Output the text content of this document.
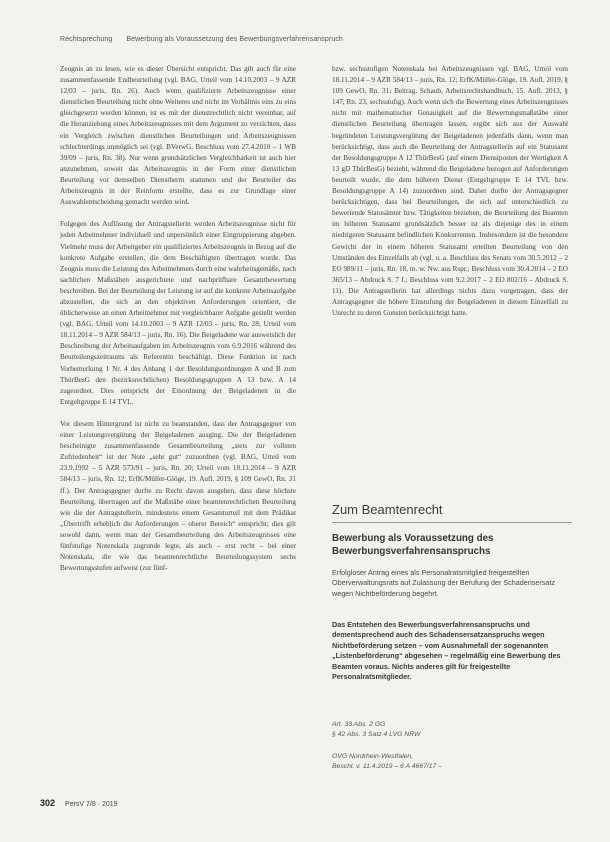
Rechtsprechung Bewerbung als Voraussetzung des Bewerbungsverfahrensanspruch
Zeugnis an zu lesen, wie es dieser Übersicht entspricht. Das gilt auch für eine zusammenfassende Endbeurteilung (vgl. BAG, Urteil vom 14.10.2003 – 9 AZR 12/03 – juris, Rn. 26). Auch wenn qualifizierte Arbeitszeugnisse einer dienstlichen Beurteilung nicht ohne Weiteres und nicht im Verhältnis eins zu eins gleichgesetzt werden können, ist es mit der dienstrechtlich nicht vereinbar, auf die Heranziehung eines Arbeitszeugnisses mit dem Argument zu verzichten, dass ein Vergleich zwischen dienstlichen Beurteilungen und Arbeitszeugnissen schlechterdings unmöglich sei (vgl. BVerwG, Beschluss vom 27.4.2010 – 1 WB 39/09 – juris, Rn. 38). Nur wenn grundsätzlichen Vergleichbarkeit ist auch hier anzunehmen, soweit das Arbeitszeugnis in der Form einer dienstlichen Beurteilung vor demselben Dienstherrn stammen und der Beurteiler das Arbeitszeugnis in der Reinform erstellte, dass es zur Grundlage einer Auswahlentscheidung gemacht werden wird.

Folgegen des Auflösung der Antragstellerin werden Arbeitszeugnisse nicht für jeden Arbeitnehmer individuell und unpersönlich einer Eingruppierung abgeben. Vielmehr muss der Arbeitgeber ein qualifiziertes Arbeitszeugnis in Bezug auf die konkrete Aufgabe erstellen, die dem Beschäftigten übertragen wurde. Das Zeugnis muss die Leistung des Arbeitnehmers durch eine wahrheitsgemäße, nach sachlichen Maßstäben ausgerichtete und nachprüfbare Gesamtbewertung beschreiben. Bei der Beurteilung der Leistung ist auf die konkrete Arbeitsaufgabe abzustellen, die sich an den objektiven Anforderungen orientiert, die üblicherweise an einen Arbeitnehmer mit vergleichbarer Aufgabe gestellt werden (vgl. BAG, Urteil vom 14.10.2003 – 9 AZR 12/03 – juris, Rn. 28; Urteil vom 18.11.2014 – 9 AZR 584/13 – juris, Rn. 16). Die Beigeladene war ausweislich der Beschreibung der Arbeitsaufgaben im Arbeitszeugnis vom 6.9.2016 während des Beurteilungszeitraums als Referentin beschäftigt. Diese Funktion ist nach Vorbemerkung 1 Nr. 4 des Anhang 1 der Besoldungsordnungen A und B zum ThürBesG den (bezirksrechtlichen) Besoldungsgruppen A 13 bzw. A 14 zugeordnet. Dies entspricht der Einordnung der Beigeladenen in die Entgeltgruppe E 14 TVL.

Vor diesem Hintergrund ist nicht zu beanstanden, dass der Antragsgegner von einer Leistungsvergütung der Beigeladenen ausging. Die der Beigeladenen bescheinigte zusammenfassende Gesamtbeurteilung „stets zur vollsten Zufriedenheit“ ist der Note „sehr gut“ zuzuordnen (vgl. BAG, Urteil vom 23.9.1992 – 5 AZR 573/91 – juris, Rn. 20; Urteil vom 18.11.2014 – 9 AZR 584/13 – juris, Rn. 12; ErfK/Müller-Glöge, 19. Aufl. 2019, § 109 GewO, Rn. 31 ff.). Der Antragsgegner durfte zu Recht davon ausgehen, dass diese höchste Beurteilung, übertragen auf die Maßstäbe einer beamtenrechtlichen Beurteilung wie die der Antragstellerin, mindestens einem Gesamturteil mit dem Prädikat „Übertrifft erheblich die Anforderungen – oberer Bereich“ entspricht; dies gilt sowohl dann, wenn man der Gesamtbeurteilung des Arbeitszeugnisses eine fünfstufige Notenskala zugrunde legte, als auch – erst recht – bei einer Notenskala, die wie das beamtenrechtliche Beurteilungssystem sechs Bewertungsstufen aufweist (zur fünf-
bzw. sechsstufigen Notenskala bei Arbeitszeugnissen vgl. BAG, Urteil vom 18.11.2014 – 9 AZR 584/13 – juris, Rn. 12; ErfK/Müller-Glöge, 19. Aufl. 2019, § 109 GewO, Rn. 31; Beitrag, Schaub, Arbeitsrechtshandbuch, 15. Aufl. 2013, § 147, Rn. 23, sechsstufig). Auch wenn sich die Bewertung eines Arbeitszeugnisses nicht mit mathematischer Genauigkeit auf die Bewertungsmaßstäbe einer dienstlichen Beurteilung übertragen lassen, ergibt sich aus der Auswahl begründeten Leistungsvergütung der Beigeladenen jedenfalls dann, wenn man berücksichtigt, dass auch die Beurteilung der Antragstellerin auf ein Statusamt der Besoldungsgruppe A 12 ThürBesG (auf einem Dienstposten der Wertigkeit A 13 gD ThürBesG) bezieht, während die Beigeladene bezogen auf Anforderungen beurteilt wurde, die dem höheren Dienst (Entgeltgruppe E 14 TVL bzw. Besoldungsgruppe A 14) zuzuordnen sind. Daher durfte der Antragsgegner berücksichtigen, dass bei Beurteilungen, die sich auf unterschiedlich zu bewertende Statusämter bzw. Tätigkeiten beziehen, die Beurteilung des Beamten im höheren Statusamt grundsätzlich besser ist als diejenige des in einem niedrigeren Statusamt befindlichen Konkurrenten. Insbesondere ist die besondere Gewicht der in einem höheren Statusamt erteilten Beurteilung von den Umständen des Einzelfalls ab (vgl. u. a. Beschluss des Senats vom 30.5.2012 – 2 EO 989/11 – juris, Rn. 18, m. w. Nw. aus Rspr.; Beschluss vom 30.4.2014 – 2 EO 365/13 – Abdruck S. 7 f.; Beschluss vom 9.2.2017 – 2 EO 802/16 – Abdruck S. 11). Die Antragstellerin hat allerdings nichts dazu vorgetragen, dass der Antragsgegner die höhere Einstufung der Beigeladenen in diesem Einzelfall zu Unrecht zu deren Gunsten berücksichtigt hatte.
Zum Beamtenrecht
Bewerbung als Voraussetzung des Bewerbungsverfahrensanspruchs
Erfolgloser Antrag eines als Personalratsmitglied freigestellten Oberverwaltungsrats auf Zulassung der Berufung der Schadensersatz wegen Nichtbeförderung begehrt.
Das Entstehen des Bewerbungsverfahrensanspruchs und dementsprechend auch des Schadensersatzanspruchs wegen Nichtbeförderung setzen – vom Ausnahmefall der sogenannten „Listenbeförderung“ abgesehen – regelmäßig eine Bewerbung des Beamten voraus. Nichts anderes gilt für freigestellte Personalratsmitglieder.
Art. 33 Abs. 2 GG
§ 42 Abs. 3 Satz 4 LVG NRW
OVG Nordrhein-Westfalen,
Beschl. v. 11.4.2019 – 6 A 4667/17 –
302 PersV 7/8 · 2019
